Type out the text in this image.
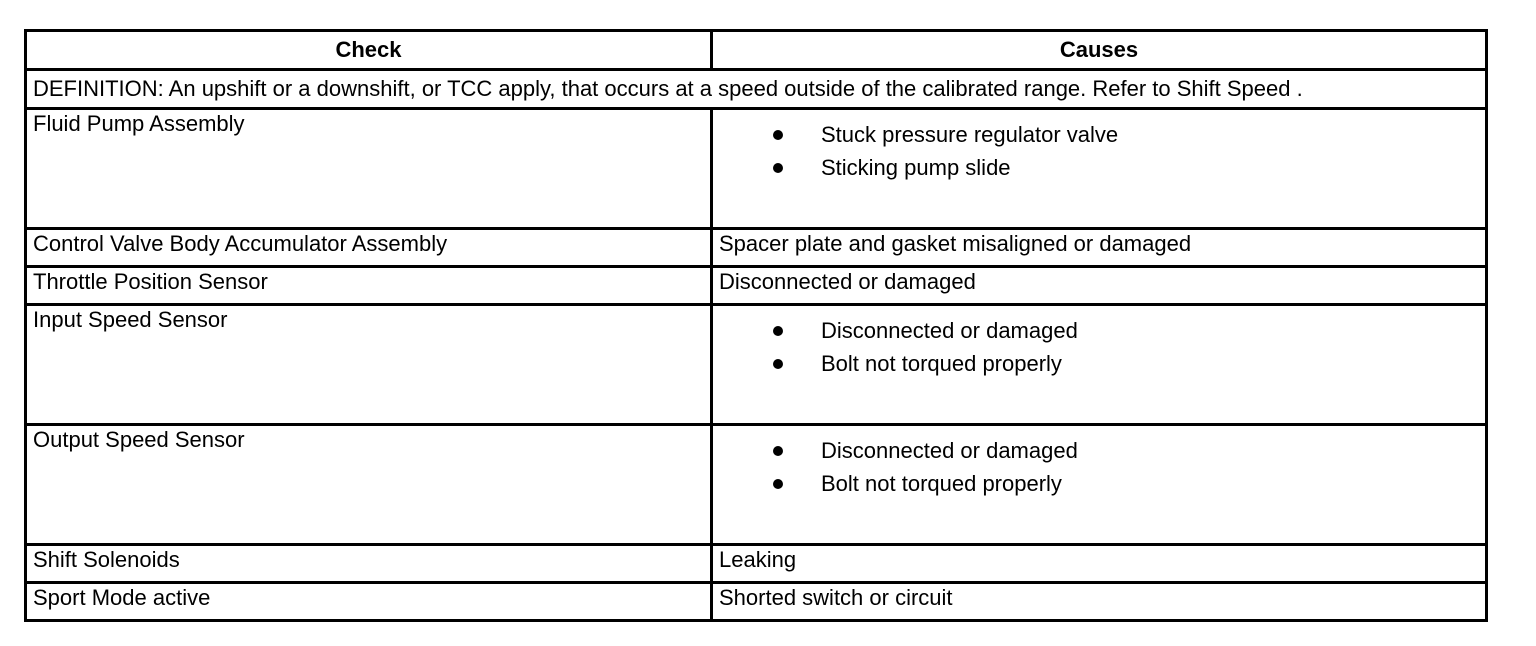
Check	Causes
DEFINITION: An upshift or a downshift, or TCC apply, that occurs at a speed outside of the calibrated range. Refer to Shift Speed .	
Fluid Pump Assembly	Stuck pressure regulator valve
Sticking pump slide

Control Valve Body Accumulator Assembly	Spacer plate and gasket misaligned or damaged
Throttle Position Sensor	Disconnected or damaged
Input Speed Sensor	Disconnected or damaged
Bolt not torqued properly

Output Speed Sensor	Disconnected or damaged
Bolt not torqued properly

Shift Solenoids	Leaking
Sport Mode active	Shorted switch or circuit
